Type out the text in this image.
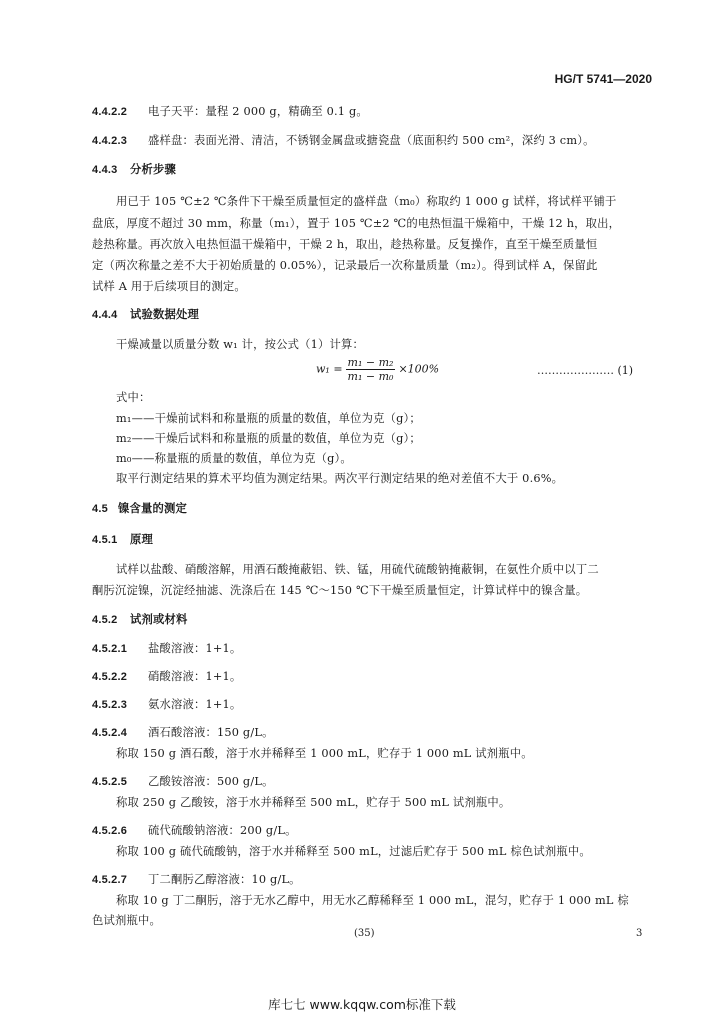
HG/T 5741—2020
4.4.2.2 电子天平：量程 2 000 g，精确至 0.1 g。
4.4.2.3 盛样盘：表面光滑、清洁，不锈钢金属盘或搪瓷盘（底面积约 500 cm²，深约 3 cm）。
4.4.3 分析步骤
用已于 105 ℃±2 ℃条件下干燥至质量恒定的盛样盘（m₀）称取约 1 000 g 试样，将试样平铺于
盘底，厚度不超过 30 mm，称量（m₁），置于 105 ℃±2 ℃的电热恒温干燥箱中，干燥 12 h，取出，
趁热称量。再次放入电热恒温干燥箱中，干燥 2 h，取出，趁热称量。反复操作，直至干燥至质量恒
定（两次称量之差不大于初始质量的 0.05%），记录最后一次称量质量（m₂）。得到试样 A，保留此
试样 A 用于后续项目的测定。
4.4.4 试验数据处理
干燥减量以质量分数 w₁ 计，按公式（1）计算：
$w_1 = \frac{\text{m₁ − m₂}}{\text{m₁ − m₀}} \times 100\%$	………………… (1)
式中：
m₁——干燥前试料和称量瓶的质量的数值，单位为克（g）；
m₂——干燥后试料和称量瓶的质量的数值，单位为克（g）；
m₀——称量瓶的质量的数值，单位为克（g）。
取平行测定结果的算术平均值为测定结果。两次平行测定结果的绝对差值不大于 0.6%。
4.5 镍含量的测定
4.5.1 原理
试样以盐酸、硝酸溶解，用酒石酸掩蔽铝、铁、锰，用硫代硫酸钠掩蔽铜，在氨性介质中以丁二
酮肟沉淀镍，沉淀经抽滤、洗涤后在 145 ℃～150 ℃下干燥至质量恒定，计算试样中的镍含量。
4.5.2 试剂或材料
4.5.2.1 盐酸溶液：1+1。
4.5.2.2 硝酸溶液：1+1。
4.5.2.3 氨水溶液：1+1。
4.5.2.4 酒石酸溶液：150 g/L。
称取 150 g 酒石酸，溶于水并稀释至 1 000 mL，贮存于 1 000 mL 试剂瓶中。
4.5.2.5 乙酸铵溶液：500 g/L。
称取 250 g 乙酸铵，溶于水并稀释至 500 mL，贮存于 500 mL 试剂瓶中。
4.5.2.6 硫代硫酸钠溶液：200 g/L。
称取 100 g 硫代硫酸钠，溶于水并稀释至 500 mL，过滤后贮存于 500 mL 棕色试剂瓶中。
4.5.2.7 丁二酮肟乙醇溶液：10 g/L。
称取 10 g 丁二酮肟，溶于无水乙醇中，用无水乙醇稀释至 1 000 mL，混匀，贮存于 1 000 mL 棕
色试剂瓶中。
(35)	3
库七七 www.kqqw.com标准下载
